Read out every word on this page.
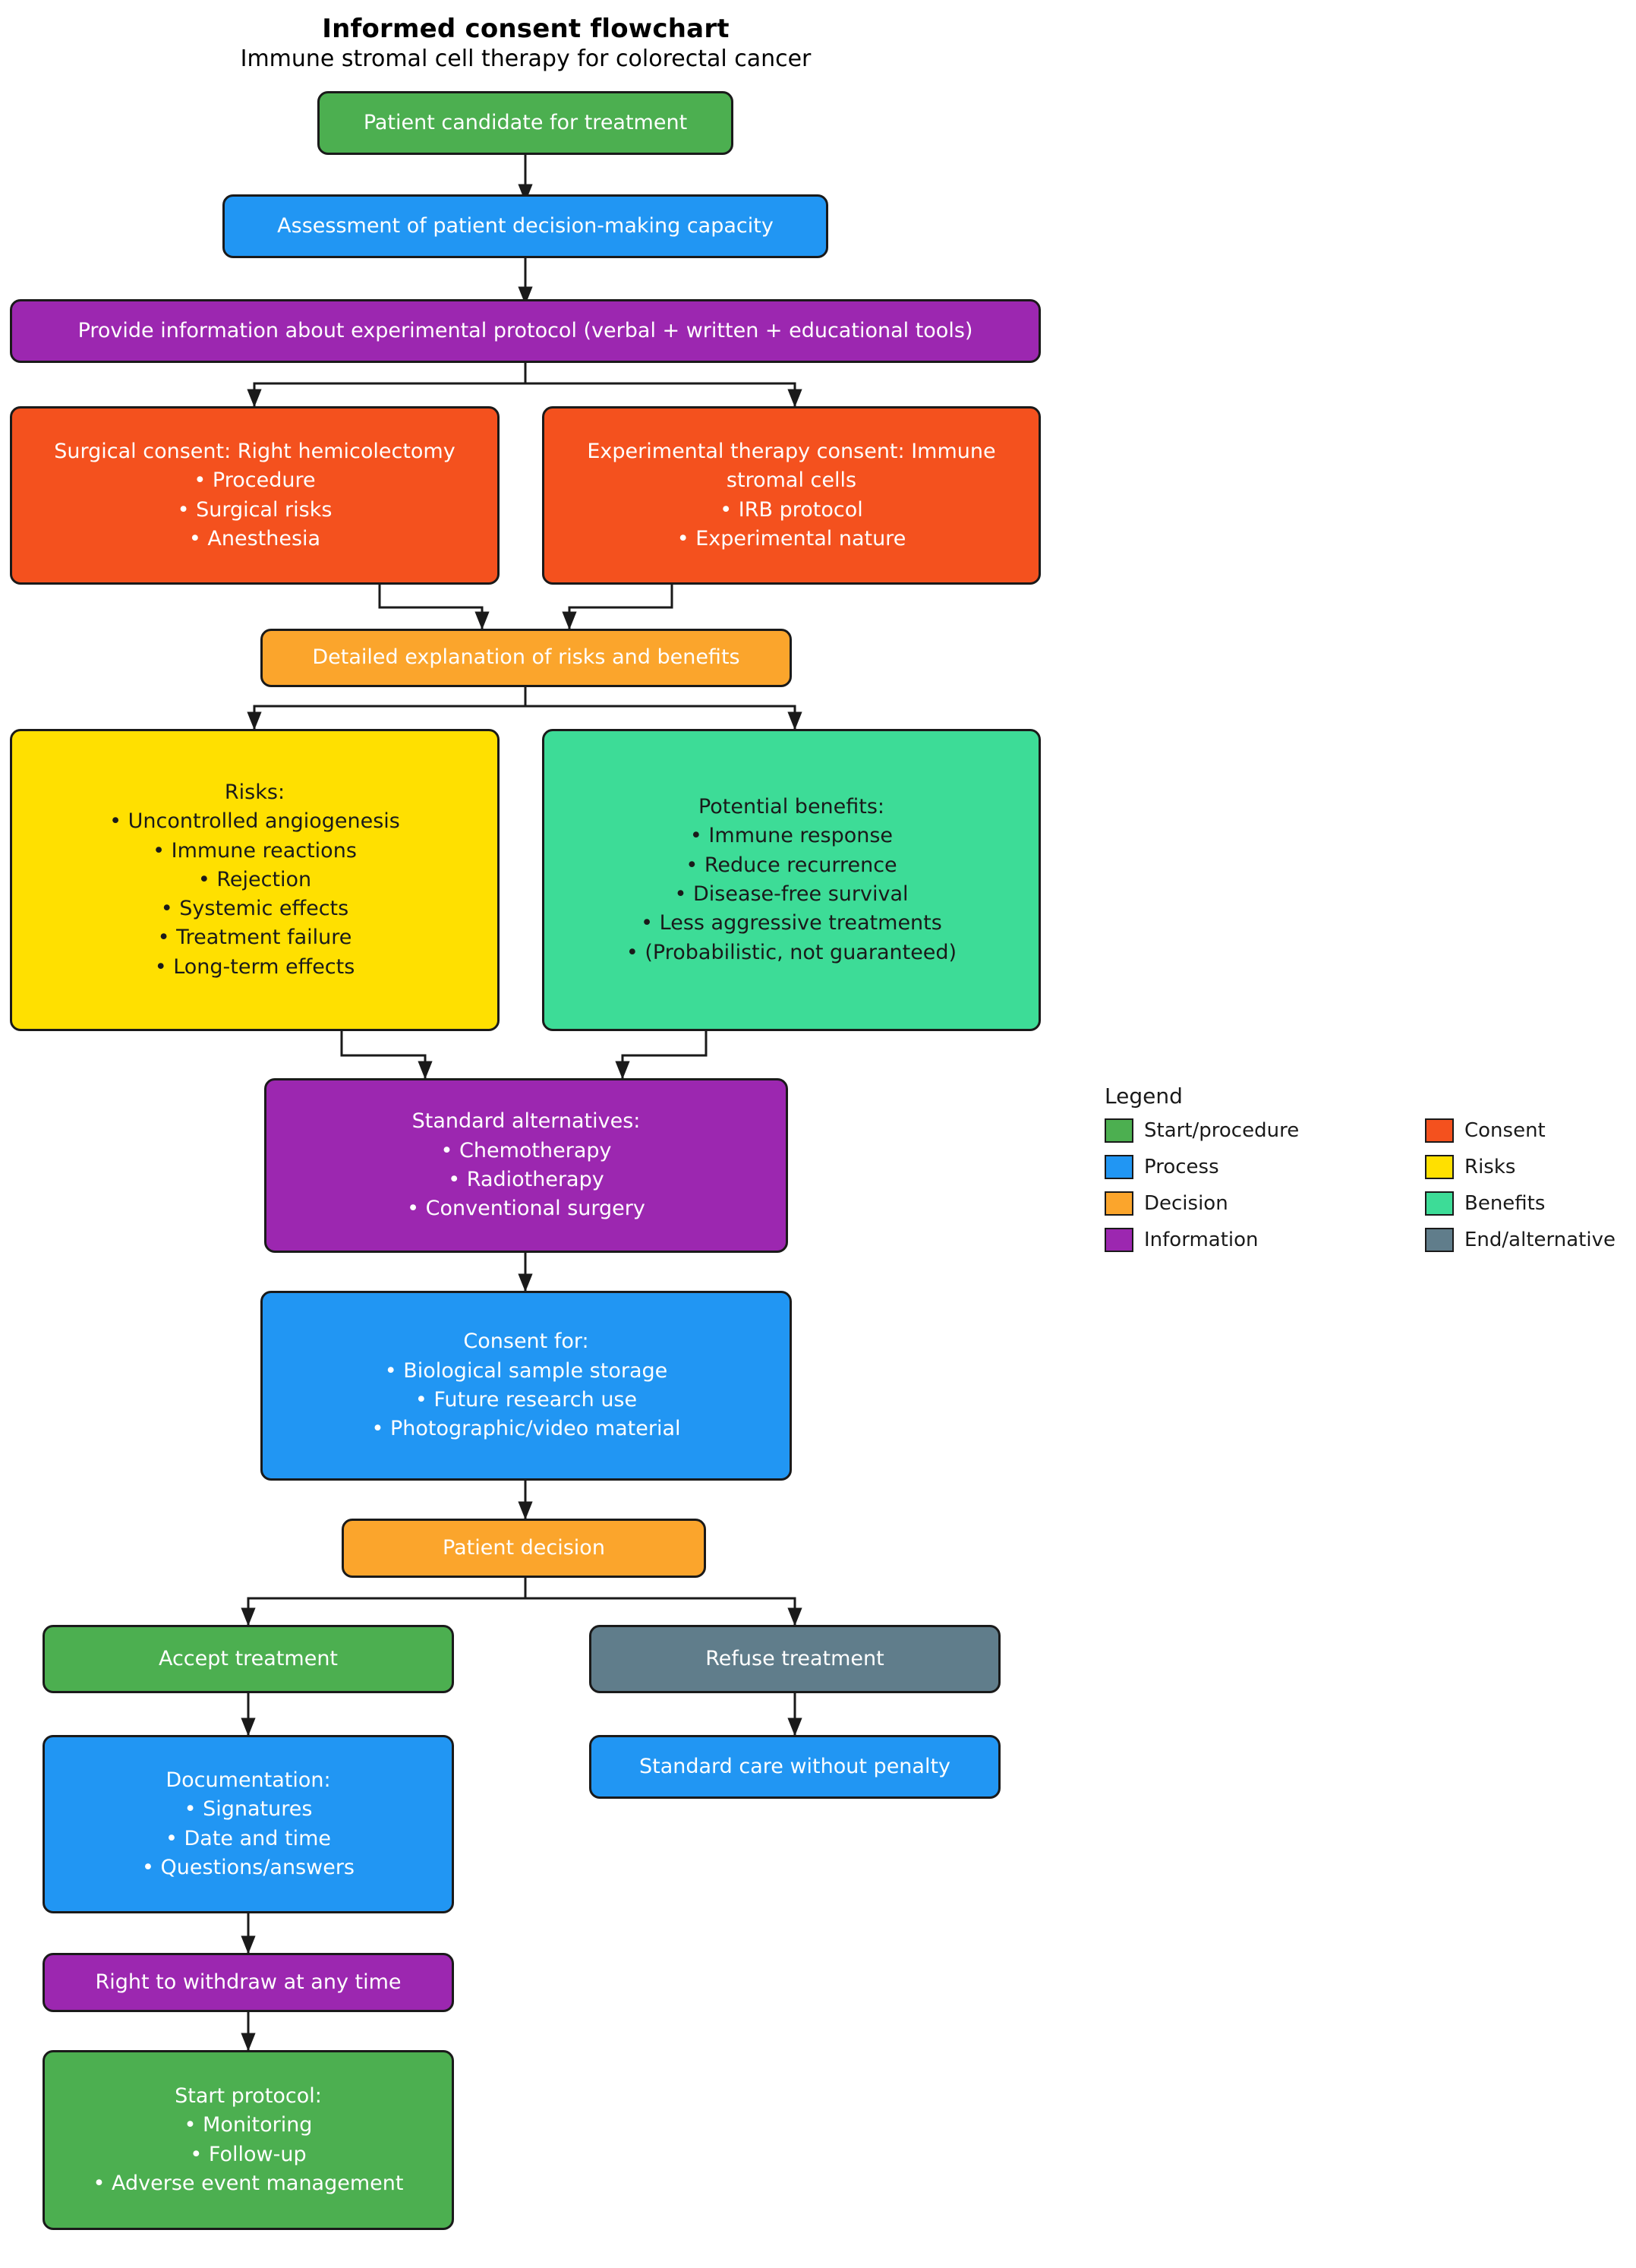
Informed consent flowchart
Immune stromal cell therapy for colorectal cancer
Patient candidate for treatment
Assessment of patient decision-making capacity
Provide information about experimental protocol (verbal + written + educational tools)
Surgical consent: Right hemicolectomy
• Procedure
• Surgical risks
• Anesthesia
Experimental therapy consent: Immune
stromal cells
• IRB protocol
• Experimental nature
Detailed explanation of risks and benefits
Risks:
• Uncontrolled angiogenesis
• Immune reactions
• Rejection
• Systemic effects
• Treatment failure
• Long-term effects
Potential benefits:
• Immune response
• Reduce recurrence
• Disease-free survival
• Less aggressive treatments
• (Probabilistic, not guaranteed)
Standard alternatives:
• Chemotherapy
• Radiotherapy
• Conventional surgery
Consent for:
• Biological sample storage
• Future research use
• Photographic/video material
Patient decision
Accept treatment	Refuse treatment
Documentation:
• Signatures
• Date and time
• Questions/answers
Standard care without penalty
Right to withdraw at any time
Start protocol:
• Monitoring
• Follow-up
• Adverse event management
Legend
Start/procedure	Consent
Process	Risks
Decision	Benefits
Information	End/alternative
